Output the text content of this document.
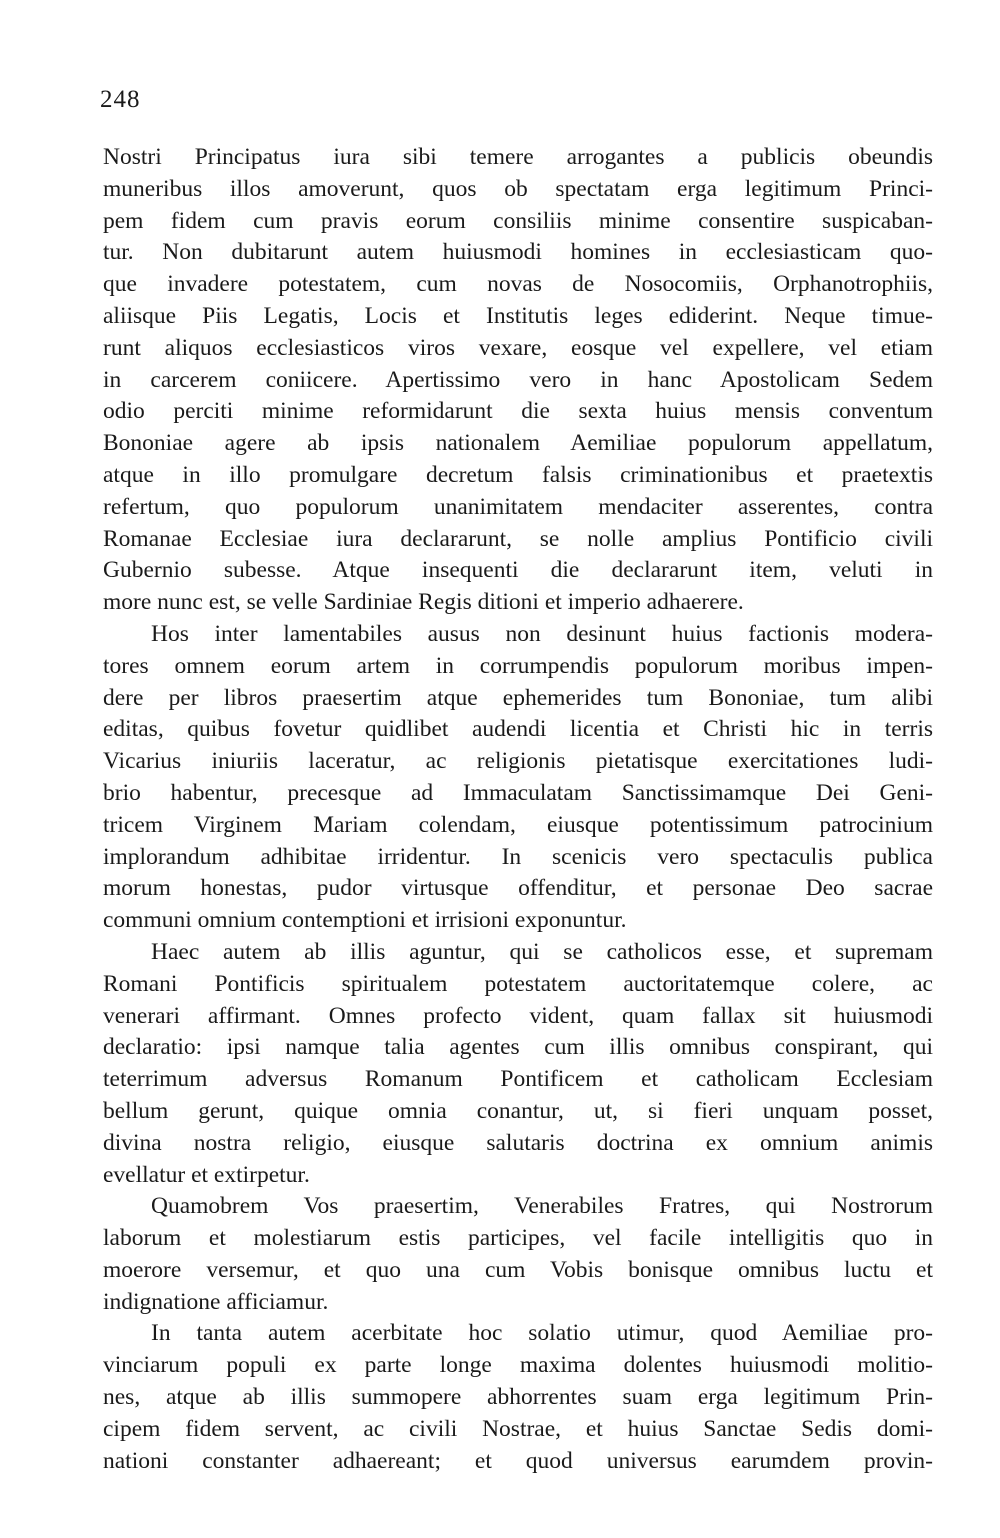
248
Nostri Principatus iura sibi temere arrogantes a publicis obeundis
muneribus illos amoverunt, quos ob spectatam erga legitimum Princi-
pem fidem cum pravis eorum consiliis minime consentire suspicaban-
tur. Non dubitarunt autem huiusmodi homines in ecclesiasticam quo-
que invadere potestatem, cum novas de Nosocomiis, Orphanotrophiis,
aliisque Piis Legatis, Locis et Institutis leges ediderint. Neque timue-
runt aliquos ecclesiasticos viros vexare, eosque vel expellere, vel etiam
in carcerem coniicere. Apertissimo vero in hanc Apostolicam Sedem
odio perciti minime reformidarunt die sexta huius mensis conventum
Bononiae agere ab ipsis nationalem Aemiliae populorum appellatum,
atque in illo promulgare decretum falsis criminationibus et praetextis
refertum, quo populorum unanimitatem mendaciter asserentes, contra
Romanae Ecclesiae iura declararunt, se nolle amplius Pontificio civili
Gubernio subesse. Atque insequenti die declararunt item, veluti in
more nunc est, se velle Sardiniae Regis ditioni et imperio adhaerere.
Hos inter lamentabiles ausus non desinunt huius factionis modera-
tores omnem eorum artem in corrumpendis populorum moribus impen-
dere per libros praesertim atque ephemerides tum Bononiae, tum alibi
editas, quibus fovetur quidlibet audendi licentia et Christi hic in terris
Vicarius iniuriis laceratur, ac religionis pietatisque exercitationes ludi-
brio habentur, precesque ad Immaculatam Sanctissimamque Dei Geni-
tricem Virginem Mariam colendam, eiusque potentissimum patrocinium
implorandum adhibitae irridentur. In scenicis vero spectaculis publica
morum honestas, pudor virtusque offenditur, et personae Deo sacrae
communi omnium contemptioni et irrisioni exponuntur.
Haec autem ab illis aguntur, qui se catholicos esse, et supremam
Romani Pontificis spiritualem potestatem auctoritatemque colere, ac
venerari affirmant. Omnes profecto vident, quam fallax sit huiusmodi
declaratio: ipsi namque talia agentes cum illis omnibus conspirant, qui
teterrimum adversus Romanum Pontificem et catholicam Ecclesiam
bellum gerunt, quique omnia conantur, ut, si fieri unquam posset,
divina nostra religio, eiusque salutaris doctrina ex omnium animis
evellatur et extirpetur.
Quamobrem Vos praesertim, Venerabiles Fratres, qui Nostrorum
laborum et molestiarum estis participes, vel facile intelligitis quo in
moerore versemur, et quo una cum Vobis bonisque omnibus luctu et
indignatione afficiamur.
In tanta autem acerbitate hoc solatio utimur, quod Aemiliae pro-
vinciarum populi ex parte longe maxima dolentes huiusmodi molitio-
nes, atque ab illis summopere abhorrentes suam erga legitimum Prin-
cipem fidem servent, ac civili Nostrae, et huius Sanctae Sedis domi-
nationi constanter adhaereant; et quod universus earumdem provin-
